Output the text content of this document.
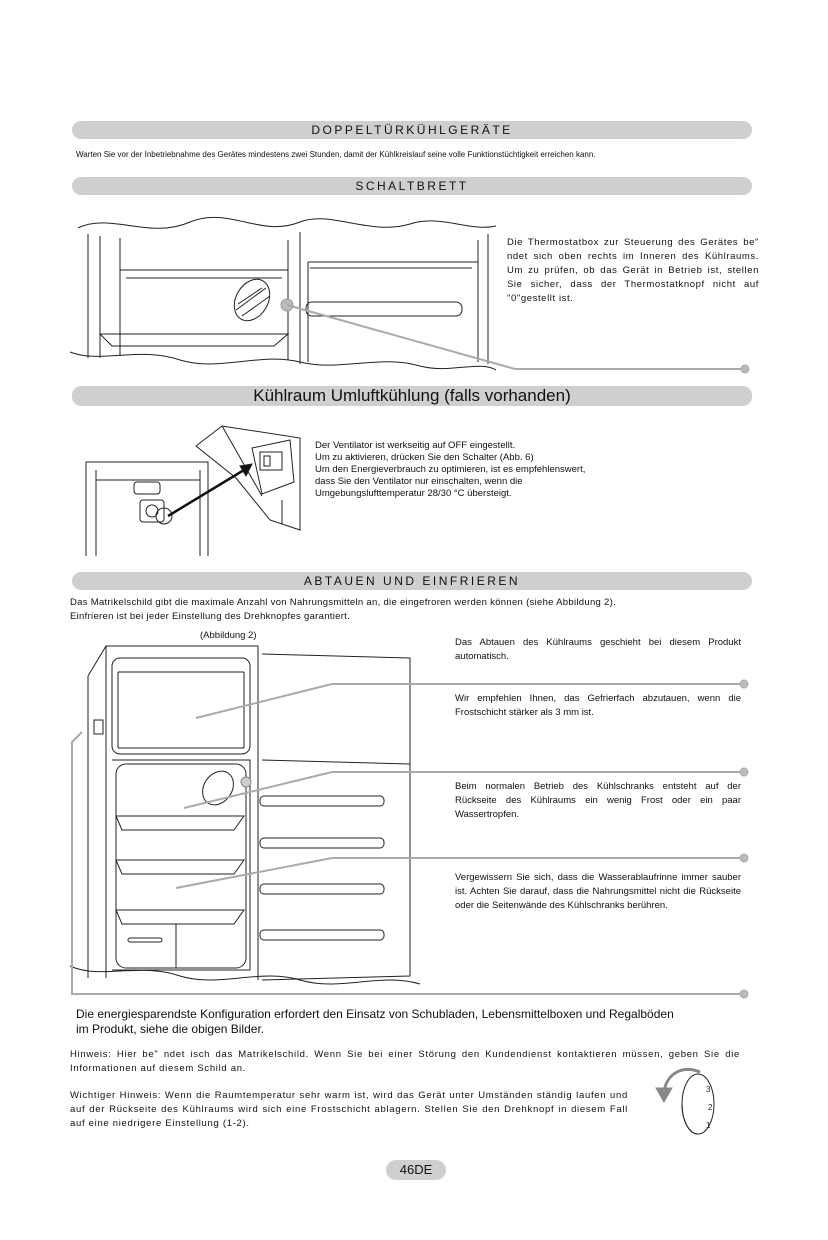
DOPPELTÜRKÜHLGERÄTE
Warten Sie vor der Inbetriebnahme des Gerätes mindestens zwei Stunden, damit der Kühlkreislauf seine volle Funktionstüchtigkeit erreichen kann.
SCHALTBRETT
Die Thermostatbox zur Steuerung des Gerätes be" ndet sich oben rechts im Inneren des Kühlraums. Um zu prüfen, ob das Gerät in Betrieb ist, stellen Sie sicher, dass der Thermostatknopf nicht auf "0"gestellt ist.
Kühlraum Umluftkühlung (falls vorhanden)
Der Ventilator ist werkseitig auf OFF eingestellt.
Um zu aktivieren, drücken Sie den Schalter (Abb. 6)
Um den Energieverbrauch zu optimieren, ist es empfehlenswert,
dass Sie den Ventilator nur einschalten, wenn die
Umgebungslufttemperatur 28/30 °C übersteigt.
ABTAUEN UND EINFRIEREN
Das Matrikelschild gibt die maximale Anzahl von Nahrungsmitteln an, die eingefroren werden können (siehe Abbildung 2).
Einfrieren ist bei jeder Einstellung des Drehknopfes garantiert.
(Abbildung 2)
Das Abtauen des Kühlraums geschieht bei diesem Produkt automatisch.
Wir empfehlen Ihnen, das Gefrierfach abzutauen, wenn die Frostschicht stärker als 3 mm ist.
Beim normalen Betrieb des Kühlschranks entsteht auf der Rückseite des Kühlraums ein wenig Frost oder ein paar Wassertropfen.
Vergewissern Sie sich, dass die Wasserablaufrinne immer sauber ist. Achten Sie darauf, dass die Nahrungsmittel nicht die Rückseite oder die Seitenwände des Kühlschranks berühren.
Die energiesparendste Konfiguration erfordert den Einsatz von Schubladen, Lebensmittelboxen und Regalböden
im Produkt, siehe die obigen Bilder.
Hinweis: Hier be" ndet isch das Matrikelschild. Wenn Sie bei einer Störung den Kundendienst kontaktieren müssen, geben Sie die Informationen auf diesem Schild an.
Wichtiger Hinweis: Wenn die Raumtemperatur sehr warm ist, wird das Gerät unter Umständen ständig laufen und auf der Rückseite des Kühlraums wird sich eine Frostschicht ablagern. Stellen Sie den Drehknopf in diesem Fall auf eine niedrigere Einstellung (1-2).
46DE
3
2
1
